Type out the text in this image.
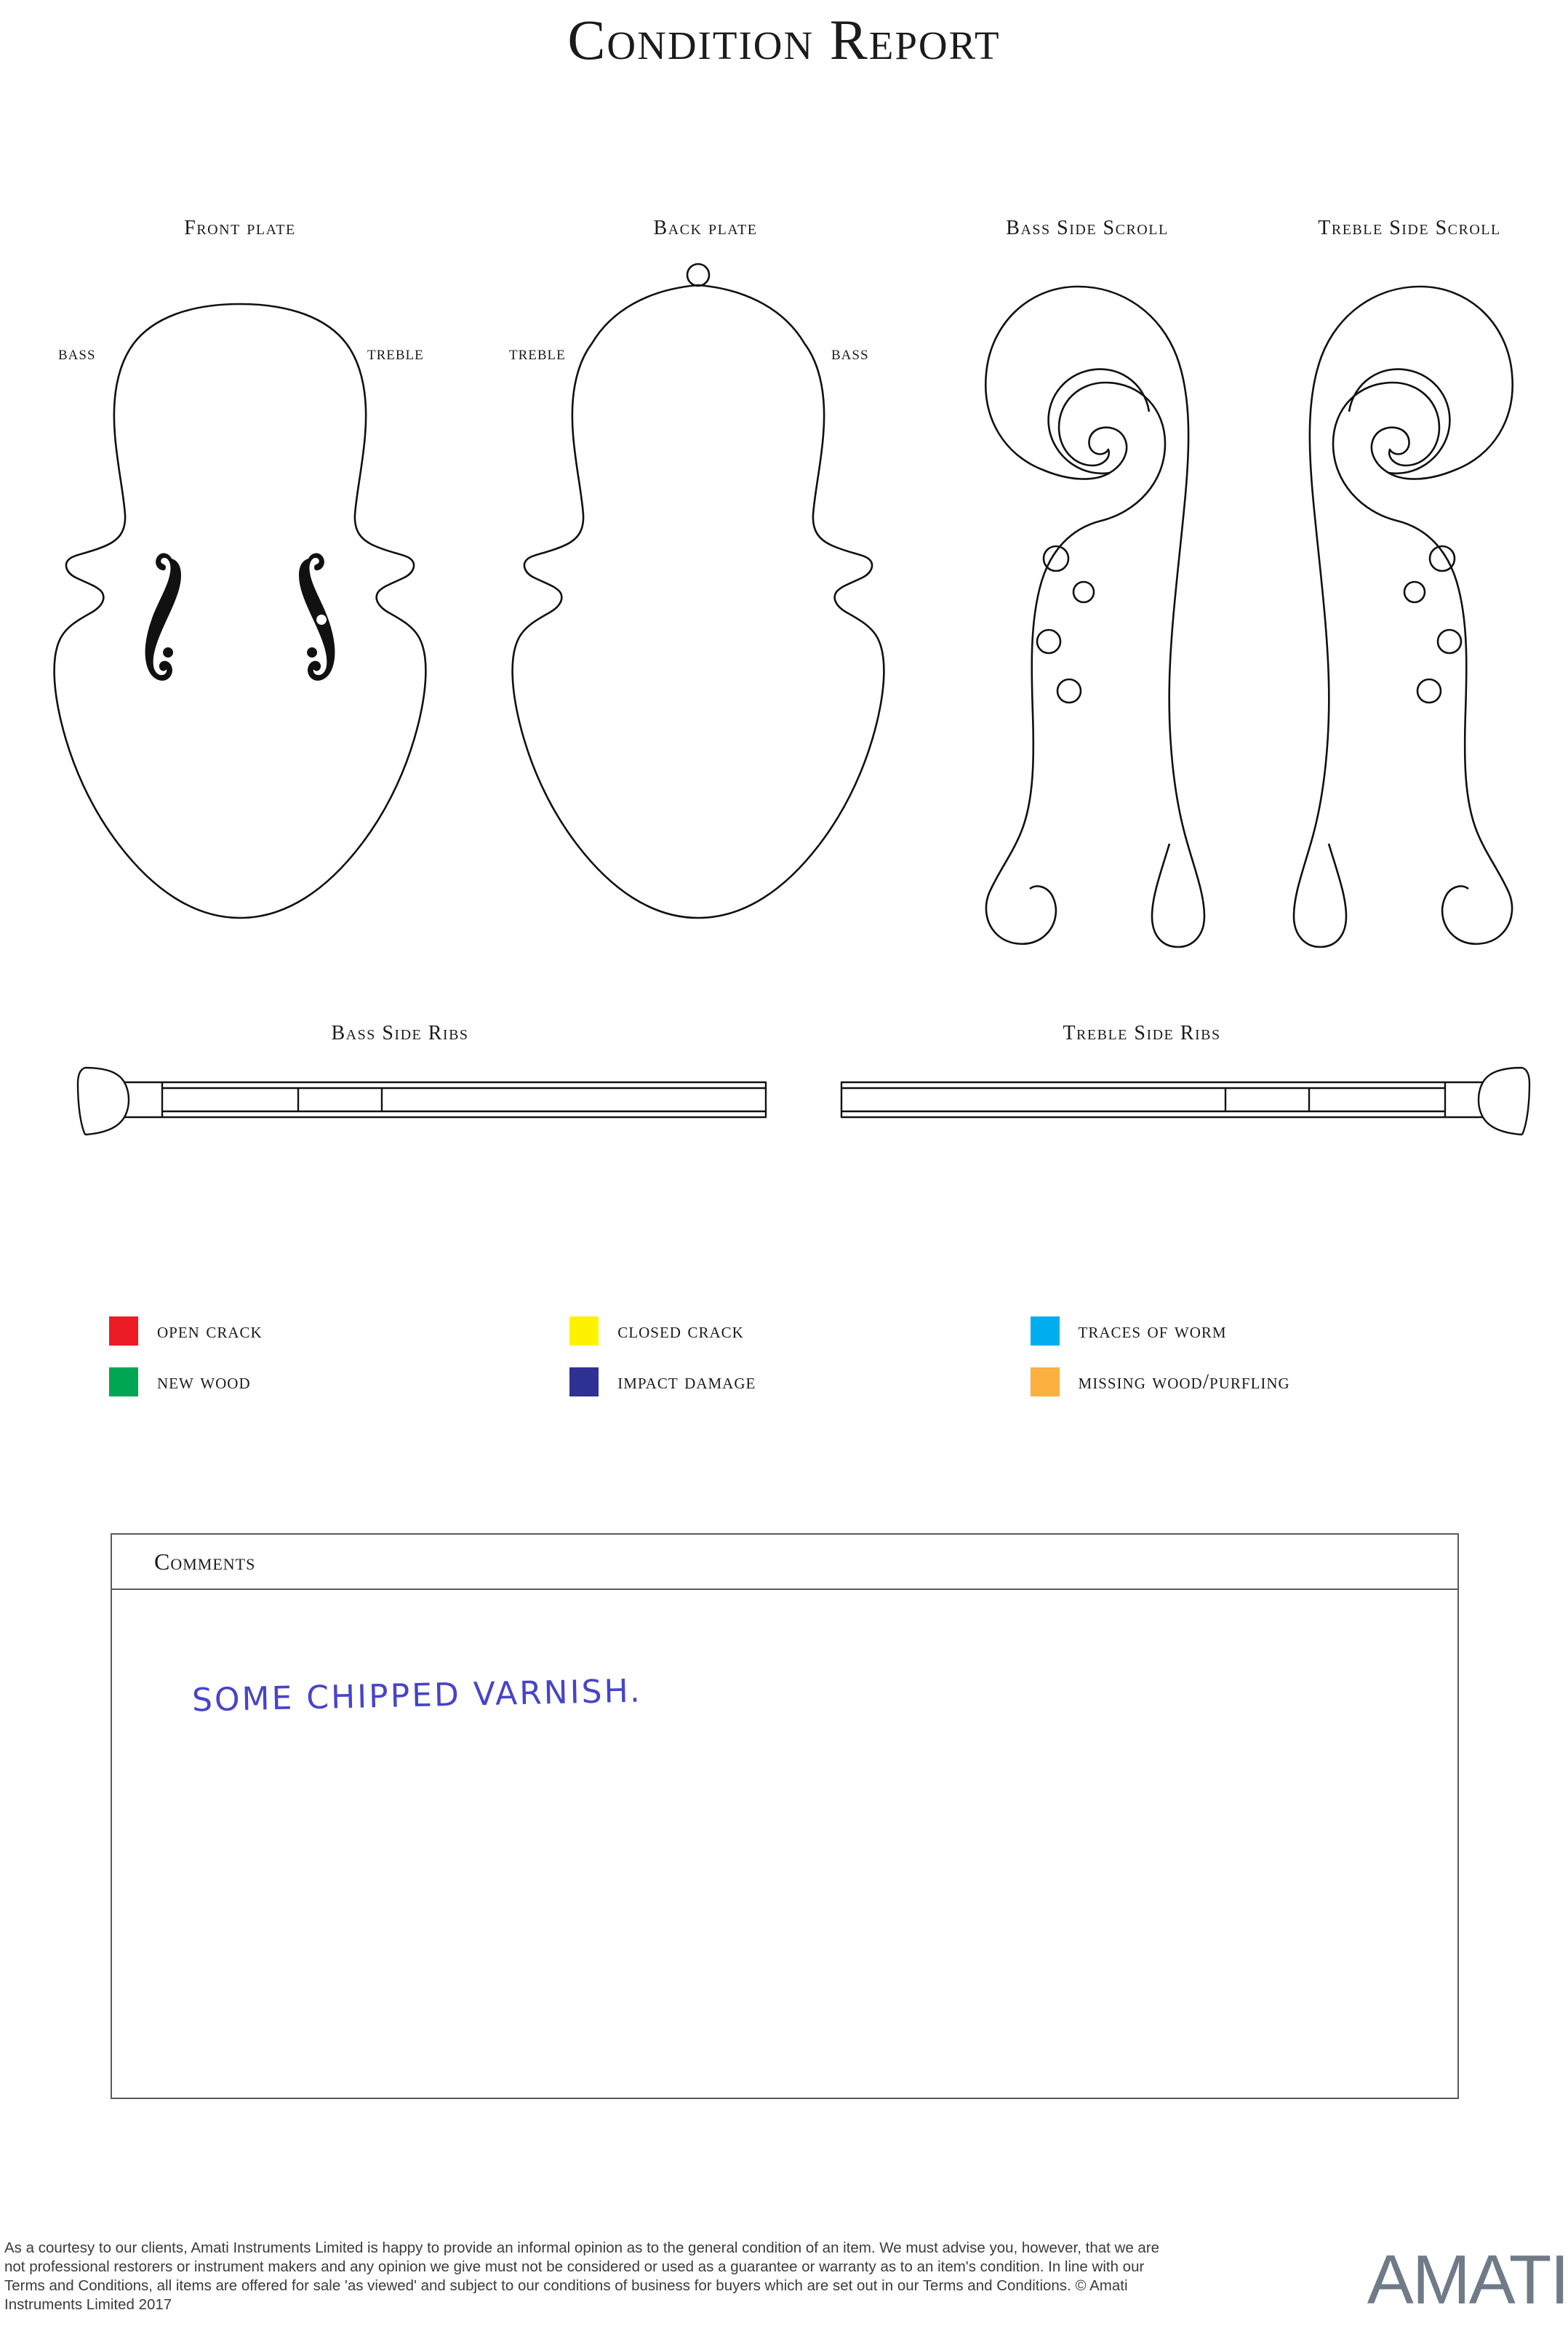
Condition Report
Front plate	Back plate	Bass Side Scroll	Treble Side Scroll
BASS	TREBLE	TREBLE	BASS
Bass Side Ribs	Treble Side Ribs
open crack	closed crack	traces of worm
new wood	impact damage	missing wood/purfling
Comments
SOME CHIPPED VARNISH.
As a courtesy to our clients, Amati Instruments Limited is happy to provide an informal opinion as to the general condition of an item. We must advise you, however, that we are not professional restorers or instrument makers and any opinion we give must not be considered or used as a guarantee or warranty as to an item's condition. In line with our Terms and Conditions, all items are offered for sale 'as viewed' and subject to our conditions of business for buyers which are set out in our Terms and Conditions. © Amati Instruments Limited 2017	AMATI
